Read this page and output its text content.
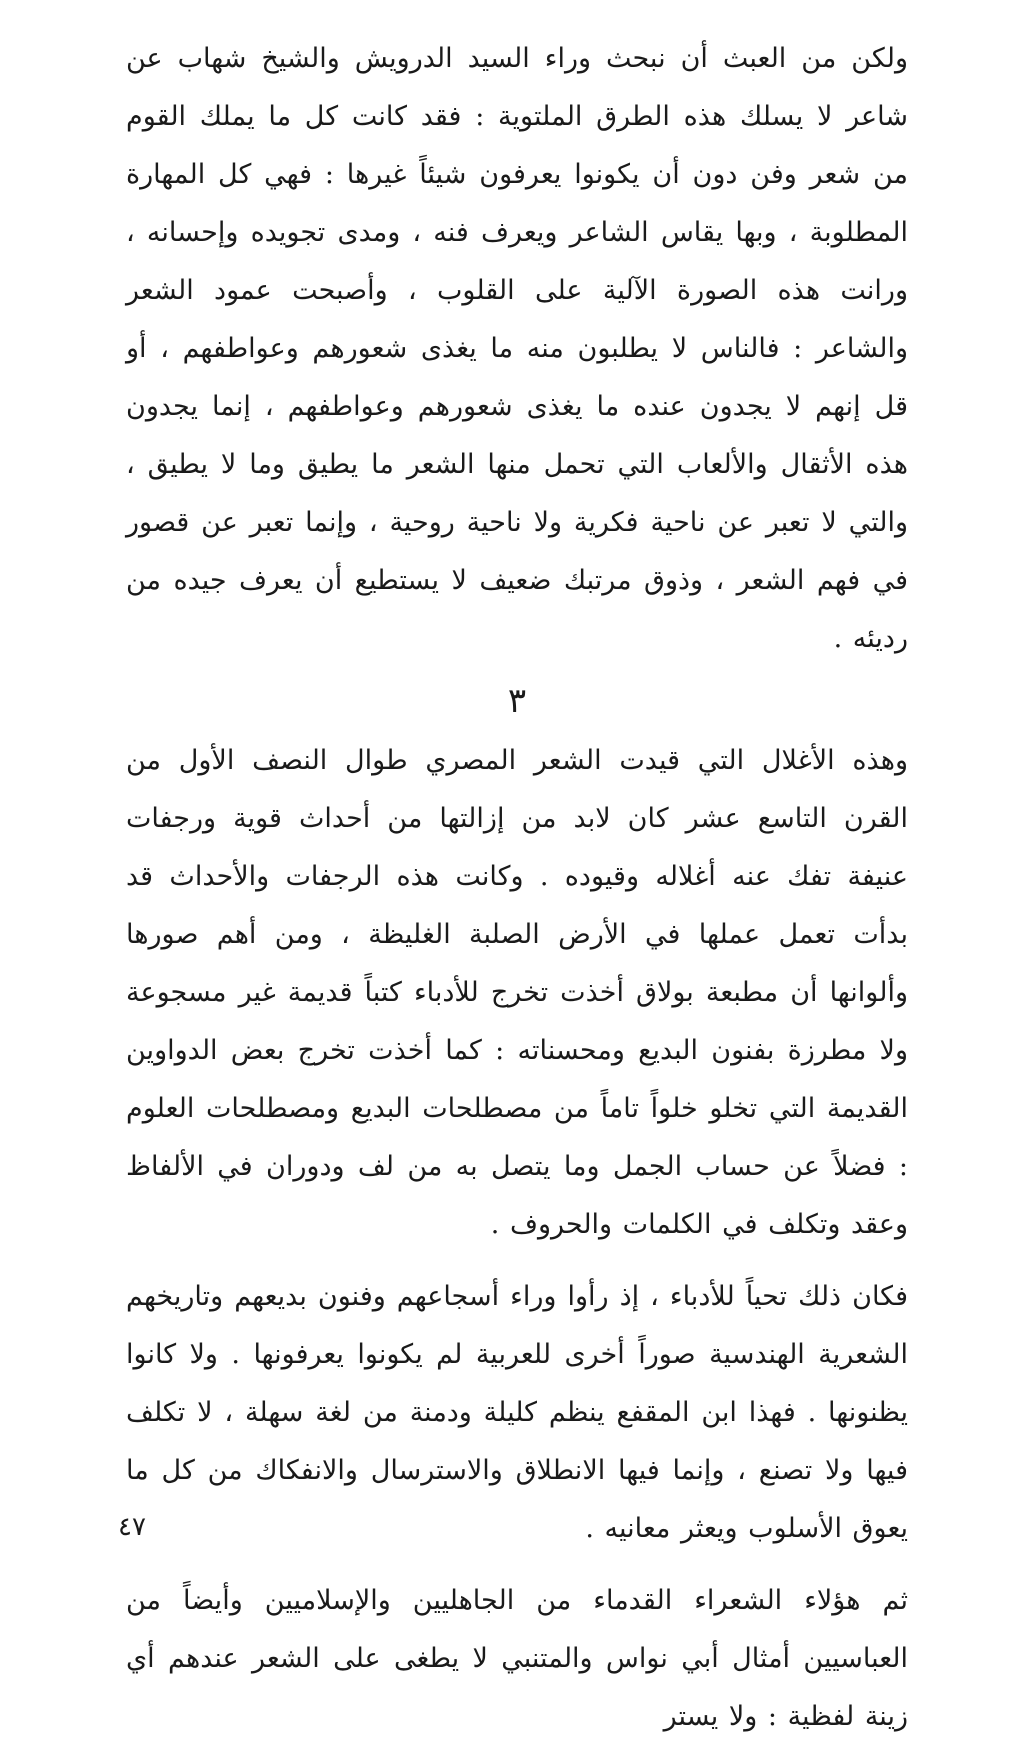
ولكن من العبث أن نبحث وراء السيد الدرويش والشيخ شهاب عن شاعر لا يسلك هذه الطرق الملتوية : فقد كانت كل ما يملك القوم من شعر وفن دون أن يكونوا يعرفون شيئاً غيرها : فهي كل المهارة المطلوبة ، وبها يقاس الشاعر ويعرف فنه ، ومدى تجويده وإحسانه ، ورانت هذه الصورة الآلية على القلوب ، وأصبحت عمود الشعر والشاعر : فالناس لا يطلبون منه ما يغذى شعورهم وعواطفهم ، أو قل إنهم لا يجدون عنده ما يغذى شعورهم وعواطفهم ، إنما يجدون هذه الأثقال والألعاب التي تحمل منها الشعر ما يطيق وما لا يطيق ، والتي لا تعبر عن ناحية فكرية ولا ناحية روحية ، وإنما تعبر عن قصور في فهم الشعر ، وذوق مرتبك ضعيف لا يستطيع أن يعرف جيده من رديئه .

٣

وهذه الأغلال التي قيدت الشعر المصري طوال النصف الأول من القرن التاسع عشر كان لابد من إزالتها من أحداث قوية ورجفات عنيفة تفك عنه أغلاله وقيوده . وكانت هذه الرجفات والأحداث قد بدأت تعمل عملها في الأرض الصلبة الغليظة ، ومن أهم صورها وألوانها أن مطبعة بولاق أخذت تخرج للأدباء كتباً قديمة غير مسجوعة ولا مطرزة بفنون البديع ومحسناته : كما أخذت تخرج بعض الدواوين القديمة التي تخلو خلواً تاماً من مصطلحات البديع ومصطلحات العلوم : فضلاً عن حساب الجمل وما يتصل به من لف ودوران في الألفاظ وعقد وتكلف في الكلمات والحروف .

فكان ذلك تحياً للأدباء ، إذ رأوا وراء أسجاعهم وفنون بديعهم وتاريخهم الشعرية الهندسية صوراً أخرى للعربية لم يكونوا يعرفونها . ولا كانوا يظنونها . فهذا ابن المقفع ينظم كليلة ودمنة من لغة سهلة ، لا تكلف فيها ولا تصنع ، وإنما فيها الانطلاق والاسترسال والانفكاك من كل ما يعوق الأسلوب ويعثر معانيه .

ثم هؤلاء الشعراء القدماء من الجاهليين والإسلاميين وأيضاً من العباسيين أمثال أبي نواس والمتنبي لا يطغى على الشعر عندهم أي زينة لفظية : ولا يستر

٤٧
